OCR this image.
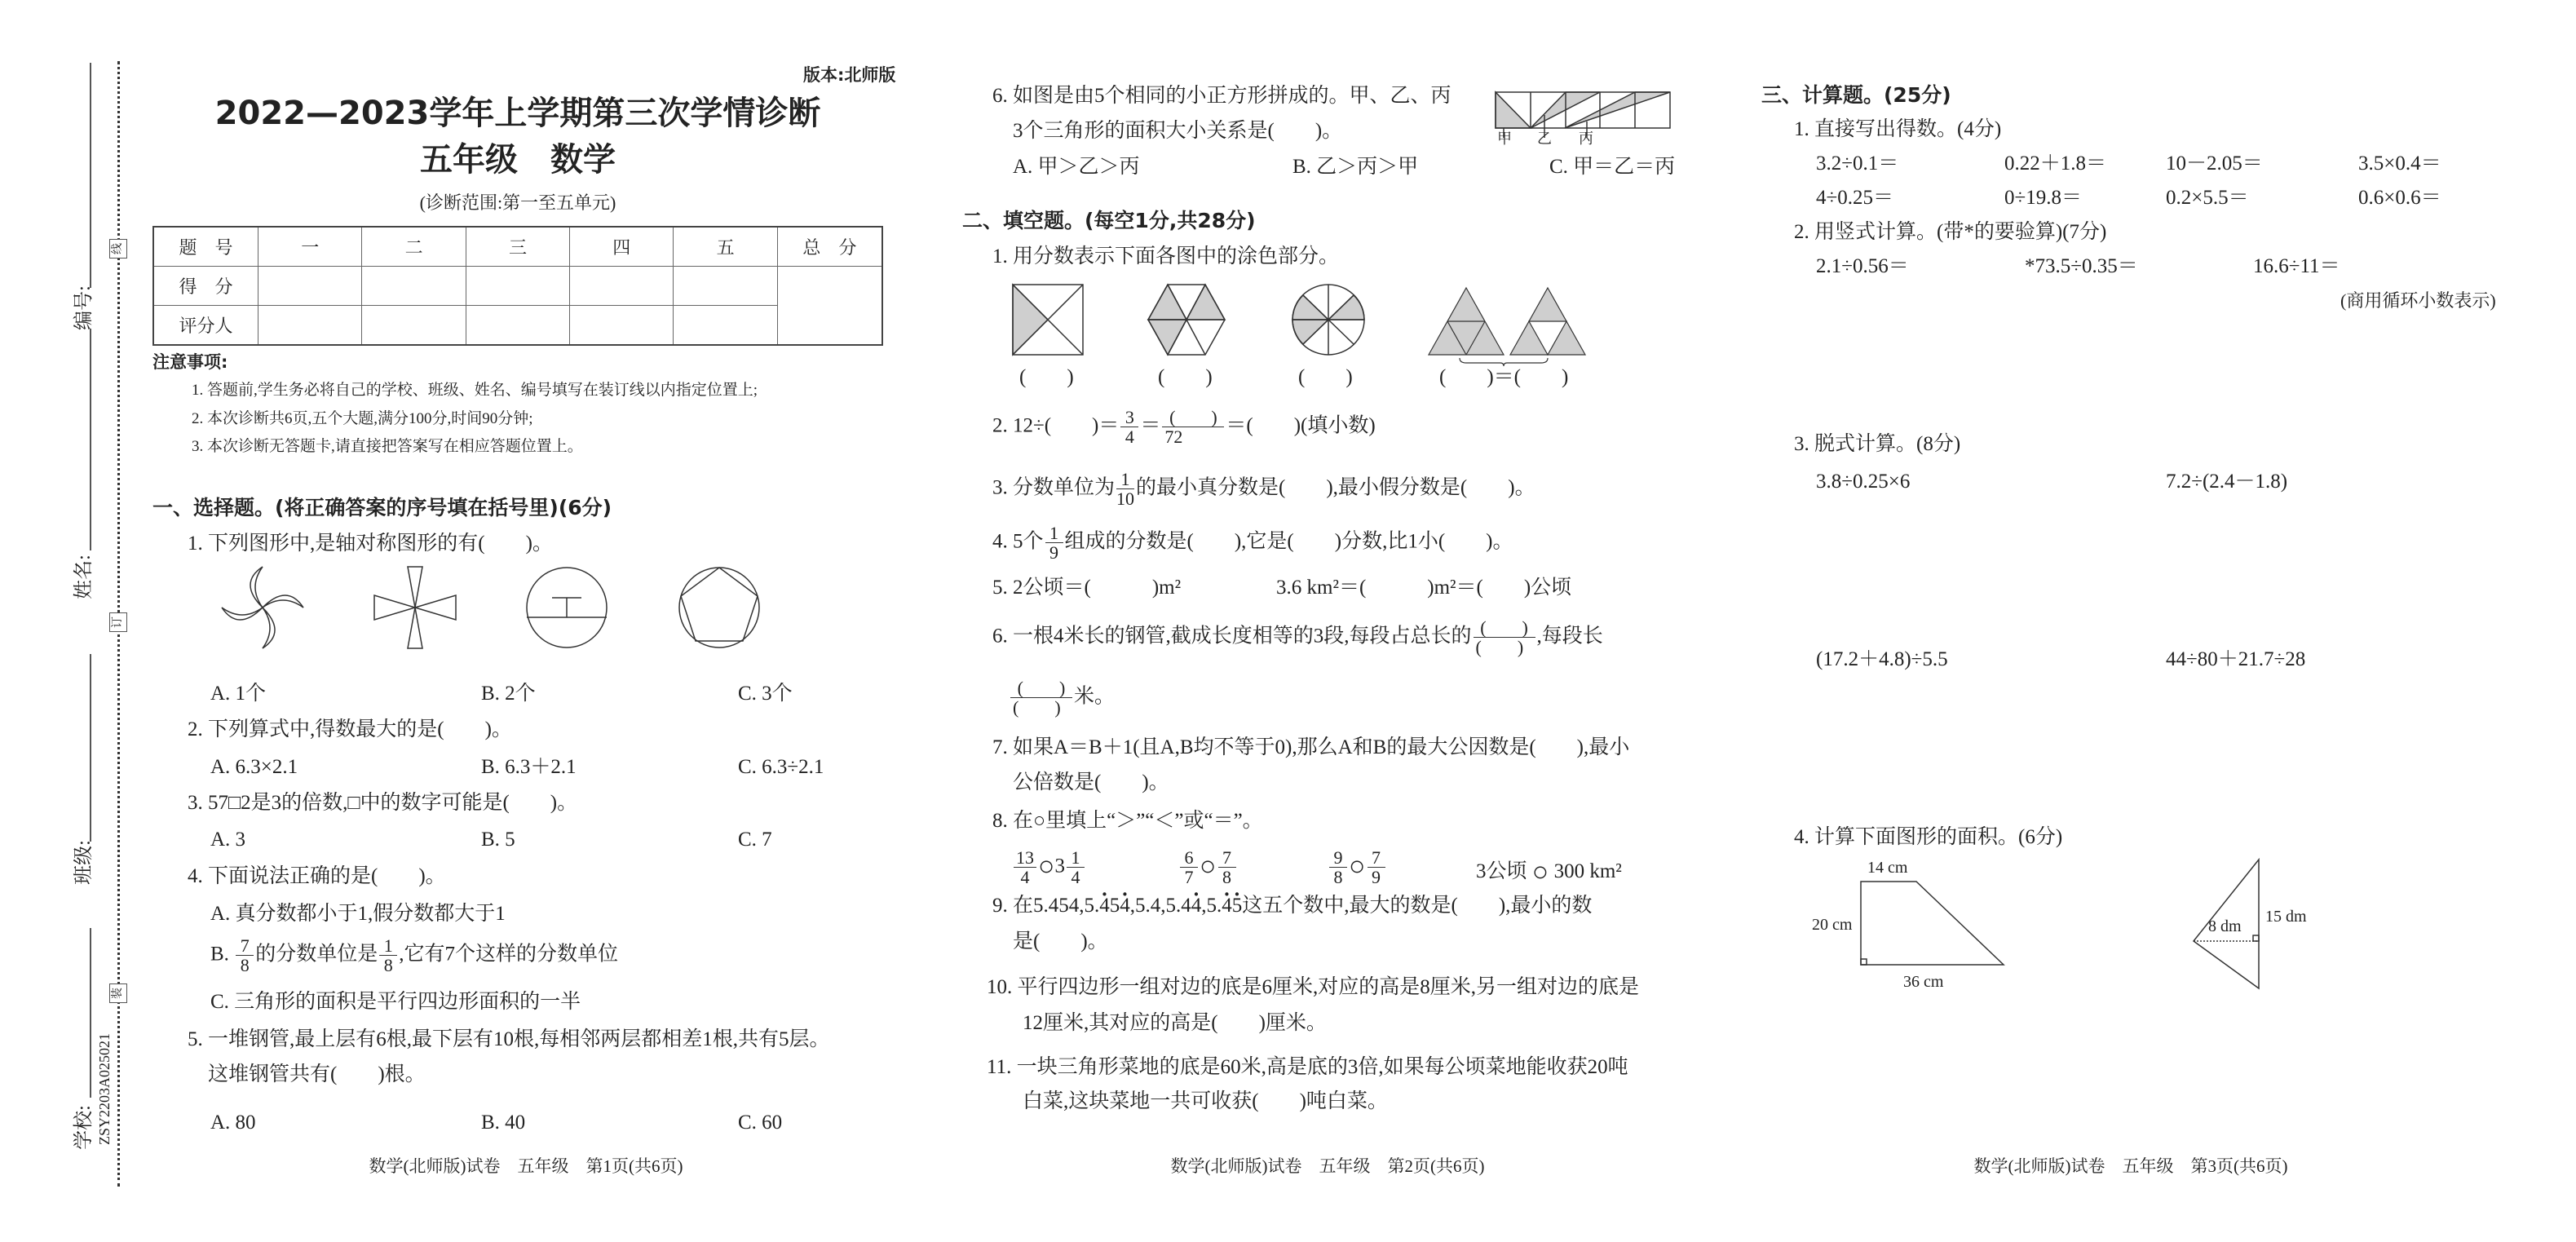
线
订
装
编号:
姓名:
班级:
学校: ZSY2203A025021
版本:北师版
2022—2023学年上学期第三次学情诊断
五年级　数学
(诊断范围:第一至五单元)
题　号	一	二	三	四	五	总　分
得　分						
评分人						
注意事项:
1. 答题前,学生务必将自己的学校、班级、姓名、编号填写在装订线以内指定位置上;
2. 本次诊断共6页,五个大题,满分100分,时间90分钟;
3. 本次诊断无答题卡,请直接把答案写在相应答题位置上。
一、选择题。(将正确答案的序号填在括号里)(6分)
1. 下列图形中,是轴对称图形的有(　　)。
A. 1个	B. 2个	C. 3个
2. 下列算式中,得数最大的是(　　)。
A. 6.3×2.1	B. 6.3＋2.1	C. 6.3÷2.1
3. 57□2是3的倍数,□中的数字可能是(　　)。
A. 3	B. 5	C. 7
4. 下面说法正确的是(　　)。
A. 真分数都小于1,假分数都大于1
B. $\frac{7}{8}$ 的分数单位是 $\frac{1}{8}$ ,它有7个这样的分数单位
C. 三角形的面积是平行四边形面积的一半
5. 一堆钢管,最上层有6根,最下层有10根,每相邻两层都相差1根,共有5层。
这堆钢管共有(　　)根。
A. 80	B. 40	C. 60
数学(北师版)试卷　五年级　第1页(共6页)
6. 如图是由5个相同的小正方形拼成的。甲、乙、丙
3个三角形的面积大小关系是(　　)。	甲 乙 丙
A. 甲＞乙＞丙	B. 乙＞丙＞甲	C. 甲＝乙＝丙
二、填空题。(每空1分,共28分)
1. 用分数表示下面各图中的涂色部分。
(　　)	(　　)	(　　)	(　　)＝(　　)
2. 12÷(　　)＝ $\frac{3}{4}$ ＝ (　　)
72
＝(　　)(填小数)
3. 分数单位为 $\frac{1}{10}$ 的最小真分数是(　　),最小假分数是(　　)。
4. 5个 $\frac{1}{9}$ 组成的分数是(　　),它是(　　)分数,比1小(　　)。
5. 2公顷＝(　　　)m²	3.6 km²＝(　　　)m²＝(　　)公顷
6. 一根4米长的钢管,截成长度相等的3段,每段占总长的 (　　)
(　　)
,每段长
(　　)
(　　)
米。
7. 如果A＝B＋1(且A,B均不等于0),那么A和B的最大公因数是(　　),最小
公倍数是(　　)。
8. 在○里填上“＞”“＜”或“＝”。
$\frac{13}{4}$ ○3 $\frac{1}{4}$	$\frac{6}{7}$ ○ $\frac{7}{8}$	$\frac{9}{8}$ ○ $\frac{7}{9}$	3公顷 ○ 300 km²
9. 在5.454,5.· 45· 4,5.4,5.4· 4,5.· 4· 5这五个数中,最大的数是(　　),最小的数
是(　　)。
10. 平行四边形一组对边的底是6厘米,对应的高是8厘米,另一组对边的底是
12厘米,其对应的高是(　　)厘米。
11. 一块三角形菜地的底是60米,高是底的3倍,如果每公顷菜地能收获20吨
白菜,这块菜地一共可收获(　　)吨白菜。
数学(北师版)试卷　五年级　第2页(共6页)
三、计算题。(25分)
1. 直接写出得数。(4分)
3.2÷0.1＝	0.22＋1.8＝	10－2.05＝	3.5×0.4＝
4÷0.25＝	0÷19.8＝	0.2×5.5＝	0.6×0.6＝
2. 用竖式计算。(带*的要验算)(7分)
2.1÷0.56＝	*73.5÷0.35＝	16.6÷11＝
(商用循环小数表示)
3. 脱式计算。(8分)
3.8÷0.25×6	7.2÷(2.4－1.8)
(17.2＋4.8)÷5.5	44÷80＋21.7÷28
4. 计算下面图形的面积。(6分)
14 cm
20 cm
36 cm
8 dm
15 dm
数学(北师版)试卷　五年级　第3页(共6页)
